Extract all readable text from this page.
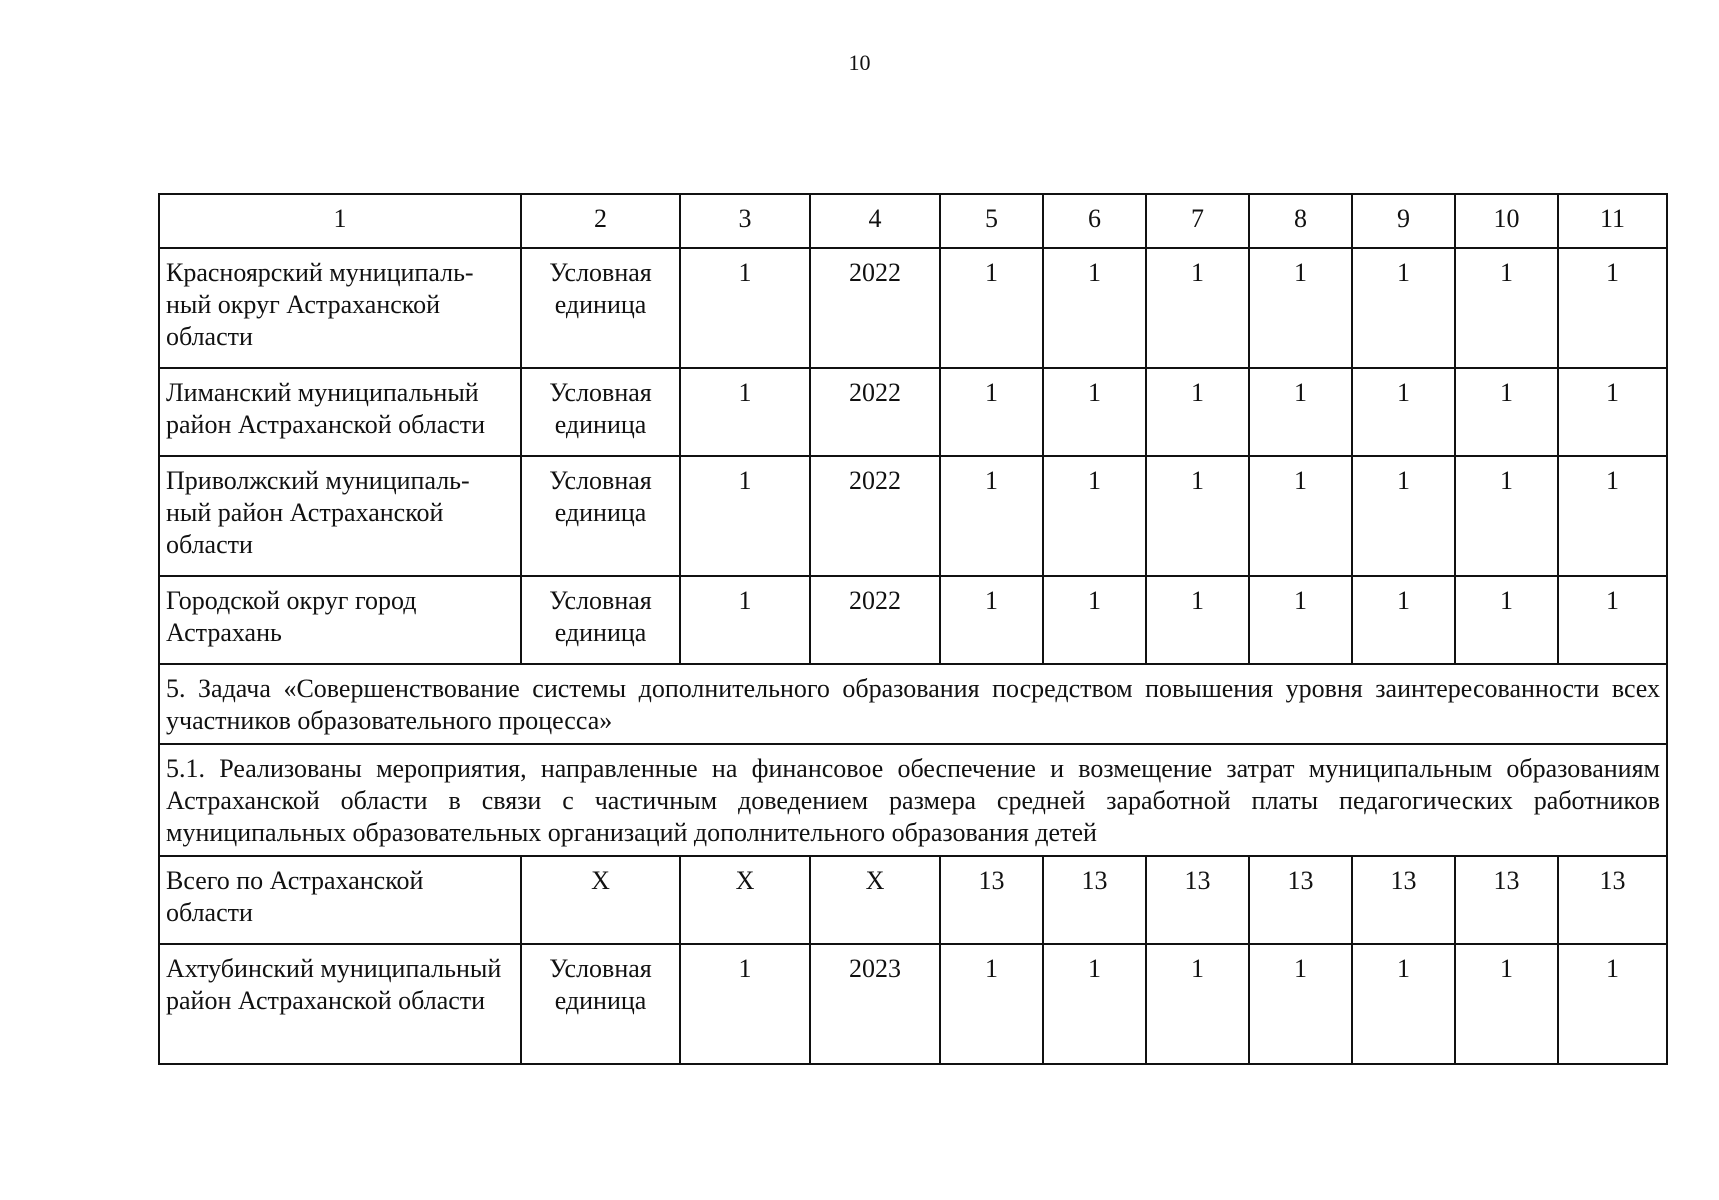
10
1	2	3	4	5	6	7	8	9	10	11
Красноярский муниципаль-
ный округ Астраханской
области	Условная
единица	1	2022	1	1	1	1	1	1	1
Лиманский муниципальный
район Астраханской области	Условная
единица	1	2022	1	1	1	1	1	1	1
Приволжский муниципаль-
ный район Астраханской
области	Условная
единица	1	2022	1	1	1	1	1	1	1
Городской округ город
Астрахань	Условная
единица	1	2022	1	1	1	1	1	1	1
5. Задача «Совершенствование системы дополнительного образования посредством повышения уровня заинтересованности всех участников образовательного процесса»										
5.1. Реализованы мероприятия, направленные на финансовое обеспечение и возмещение затрат муниципальным образованиям Астраханской области в связи с частичным доведением размера средней заработной платы педагогических работников муниципальных образовательных организаций дополнительного образования детей										
Всего по Астраханской области	Х	Х	Х	13	13	13	13	13	13	13
Ахтубинский муниципальный район Астраханской области	Условная
единица	1	2023	1	1	1	1	1	1	1
